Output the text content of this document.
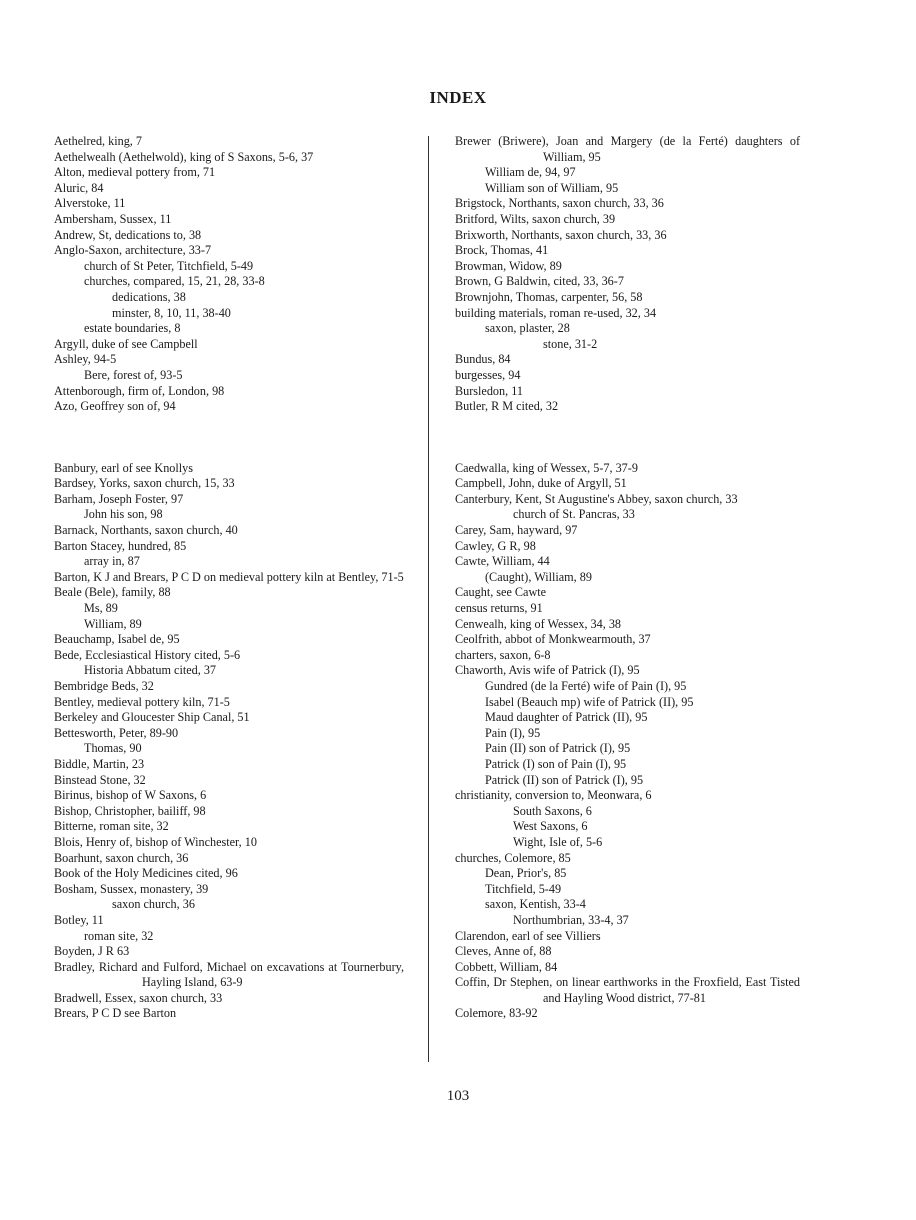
INDEX
Aethelred, king, 7
Aethelwealh (Aethelwold), king of S Saxons, 5-6, 37
Alton, medieval pottery from, 71
Aluric, 84
Alverstoke, 11
Ambersham, Sussex, 11
Andrew, St, dedications to, 38
Anglo-Saxon, architecture, 33-7
church of St Peter, Titchfield, 5-49
churches, compared, 15, 21, 28, 33-8
dedications, 38
minster, 8, 10, 11, 38-40
estate boundaries, 8
Argyll, duke of see Campbell
Ashley, 94-5
Bere, forest of, 93-5
Attenborough, firm of, London, 98
Azo, Geoffrey son of, 94
Banbury, earl of see Knollys
Bardsey, Yorks, saxon church, 15, 33
Barham, Joseph Foster, 97
John his son, 98
Barnack, Northants, saxon church, 40
Barton Stacey, hundred, 85
array in, 87
Barton, K J and Brears, P C D on medieval pottery kiln at Bentley, 71-5
Beale (Bele), family, 88
Ms, 89
William, 89
Beauchamp, Isabel de, 95
Bede, Ecclesiastical History cited, 5-6
Historia Abbatum cited, 37
Bembridge Beds, 32
Bentley, medieval pottery kiln, 71-5
Berkeley and Gloucester Ship Canal, 51
Bettesworth, Peter, 89-90
Thomas, 90
Biddle, Martin, 23
Binstead Stone, 32
Birinus, bishop of W Saxons, 6
Bishop, Christopher, bailiff, 98
Bitterne, roman site, 32
Blois, Henry of, bishop of Winchester, 10
Boarhunt, saxon church, 36
Book of the Holy Medicines cited, 96
Bosham, Sussex, monastery, 39
saxon church, 36
Botley, 11
roman site, 32
Boyden, J R 63
Bradley, Richard and Fulford, Michael on excavations at Tournerbury, Hayling Island, 63-9
Bradwell, Essex, saxon church, 33
Brears, P C D see Barton
Brewer (Briwere), Joan and Margery (de la Ferté) daughters of William, 95
William de, 94, 97
William son of William, 95
Brigstock, Northants, saxon church, 33, 36
Britford, Wilts, saxon church, 39
Brixworth, Northants, saxon church, 33, 36
Brock, Thomas, 41
Browman, Widow, 89
Brown, G Baldwin, cited, 33, 36-7
Brownjohn, Thomas, carpenter, 56, 58
building materials, roman re-used, 32, 34
saxon, plaster, 28
stone, 31-2
Bundus, 84
burgesses, 94
Bursledon, 11
Butler, R M cited, 32
Caedwalla, king of Wessex, 5-7, 37-9
Campbell, John, duke of Argyll, 51
Canterbury, Kent, St Augustine's Abbey, saxon church, 33
church of St. Pancras, 33
Carey, Sam, hayward, 97
Cawley, G R, 98
Cawte, William, 44
(Caught), William, 89
Caught, see Cawte
census returns, 91
Cenwealh, king of Wessex, 34, 38
Ceolfrith, abbot of Monkwearmouth, 37
charters, saxon, 6-8
Chaworth, Avis wife of Patrick (I), 95
Gundred (de la Ferté) wife of Pain (I), 95
Isabel (Beauch mp) wife of Patrick (II), 95
Maud daughter of Patrick (II), 95
Pain (I), 95
Pain (II) son of Patrick (I), 95
Patrick (I) son of Pain (I), 95
Patrick (II) son of Patrick (I), 95
christianity, conversion to, Meonwara, 6
South Saxons, 6
West Saxons, 6
Wight, Isle of, 5-6
churches, Colemore, 85
Dean, Prior's, 85
Titchfield, 5-49
saxon, Kentish, 33-4
Northumbrian, 33-4, 37
Clarendon, earl of see Villiers
Cleves, Anne of, 88
Cobbett, William, 84
Coffin, Dr Stephen, on linear earthworks in the Froxfield, East Tisted and Hayling Wood district, 77-81
Colemore, 83-92
103
